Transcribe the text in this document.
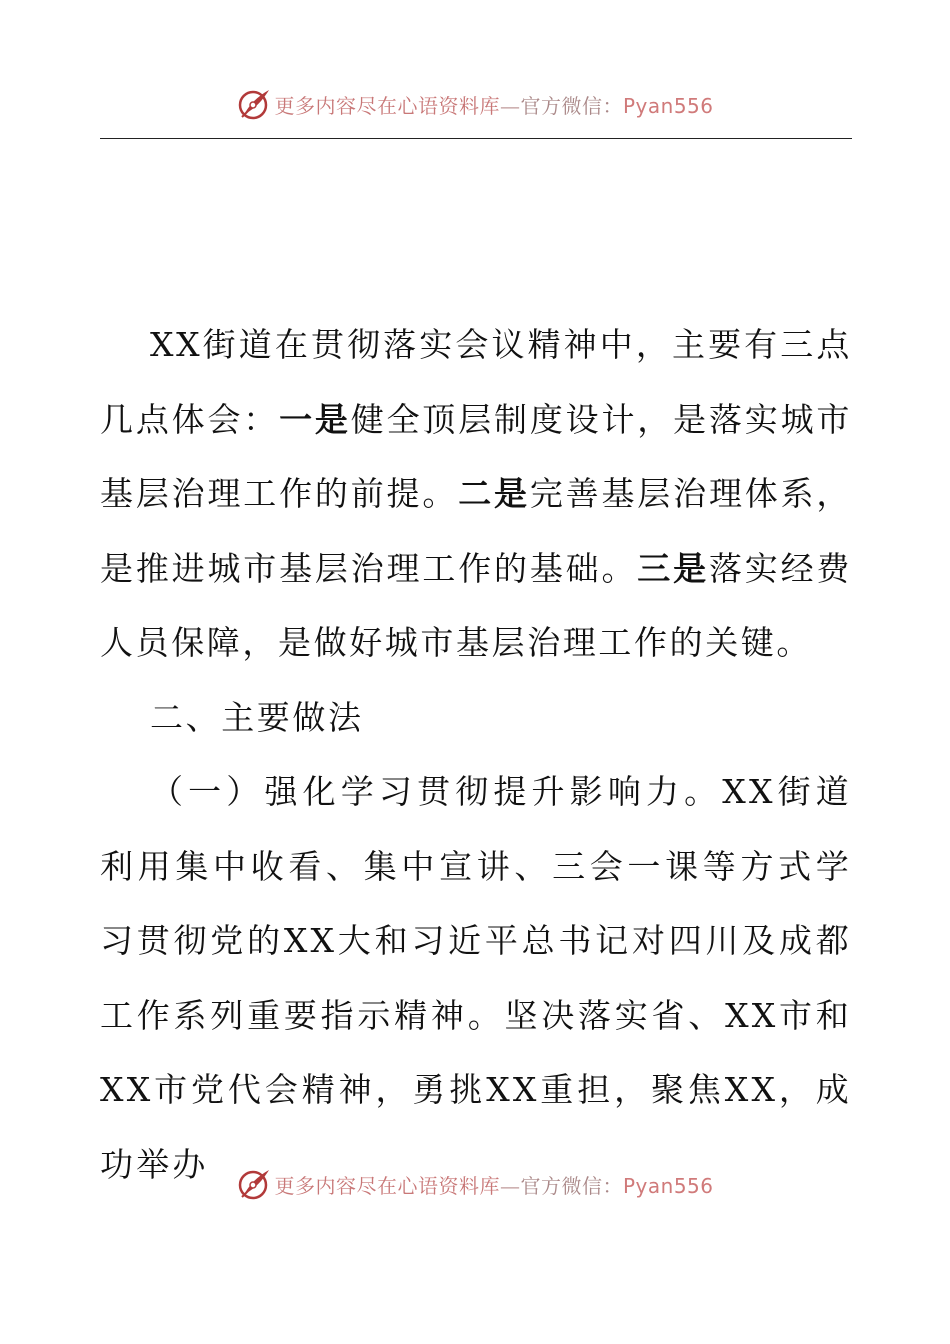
更多内容尽在心语资料库—官方微信：Pyan556

XX街道在贯彻落实会议精神中，主要有三点几点体会：一是健全顶层制度设计，是落实城市基层治理工作的前提。二是完善基层治理体系，是推进城市基层治理工作的基础。三是落实经费人员保障，是做好城市基层治理工作的关键。

二、主要做法

（一）强化学习贯彻提升影响力。XX街道利用集中收看、集中宣讲、三会一课等方式学习贯彻党的XX大和习近平总书记对四川及成都工作系列重要指示精神。坚决落实省、XX市和XX市党代会精神，勇挑XX重担，聚焦XX，成功举办

更多内容尽在心语资料库—官方微信：Pyan556
